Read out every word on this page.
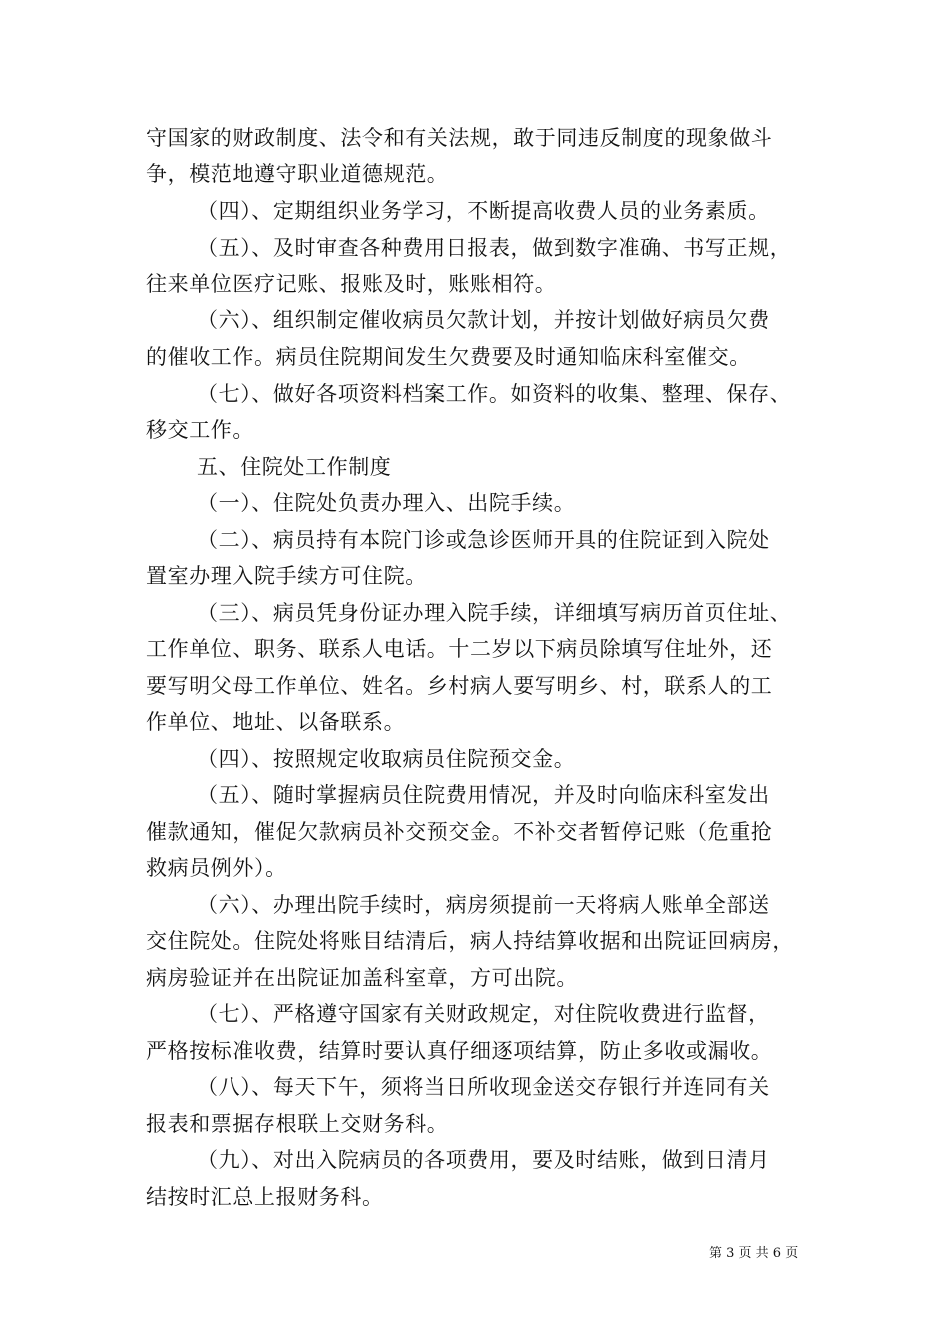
守国家的财政制度、法令和有关法规，敢于同违反制度的现象做斗
争，模范地遵守职业道德规范。
（四）、定期组织业务学习，不断提高收费人员的业务素质。
（五）、及时审查各种费用日报表，做到数字准确、书写正规，
往来单位医疗记账、报账及时，账账相符。
（六）、组织制定催收病员欠款计划，并按计划做好病员欠费
的催收工作。病员住院期间发生欠费要及时通知临床科室催交。
（七）、做好各项资料档案工作。如资料的收集、整理、保存、
移交工作。
五、住院处工作制度
（一）、住院处负责办理入、出院手续。
（二）、病员持有本院门诊或急诊医师开具的住院证到入院处
置室办理入院手续方可住院。
（三）、病员凭身份证办理入院手续，详细填写病历首页住址、
工作单位、职务、联系人电话。十二岁以下病员除填写住址外，还
要写明父母工作单位、姓名。乡村病人要写明乡、村，联系人的工
作单位、地址、以备联系。
（四）、按照规定收取病员住院预交金。
（五）、随时掌握病员住院费用情况，并及时向临床科室发出
催款通知，催促欠款病员补交预交金。不补交者暂停记账（危重抢
救病员例外）。
（六）、办理出院手续时，病房须提前一天将病人账单全部送
交住院处。住院处将账目结清后，病人持结算收据和出院证回病房，
病房验证并在出院证加盖科室章，方可出院。
（七）、严格遵守国家有关财政规定，对住院收费进行监督，
严格按标准收费，结算时要认真仔细逐项结算，防止多收或漏收。
（八）、每天下午，须将当日所收现金送交存银行并连同有关
报表和票据存根联上交财务科。
（九）、对出入院病员的各项费用，要及时结账，做到日清月
结按时汇总上报财务科。
第 3 页 共 6 页
